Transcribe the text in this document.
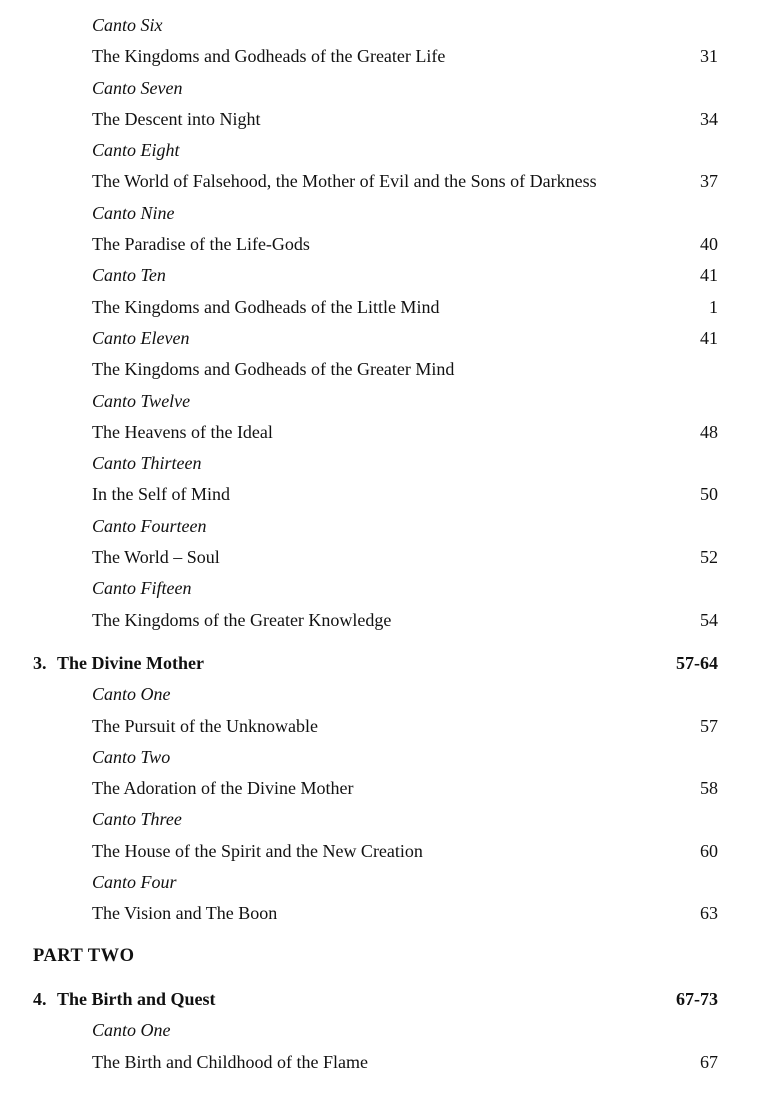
Canto Six
The Kingdoms and Godheads of the Greater Life	31
Canto Seven
The Descent into Night	34
Canto Eight
The World of Falsehood, the Mother of Evil and the Sons of Darkness	37
Canto Nine
The Paradise of the Life-Gods	40
Canto Ten	41
The Kingdoms and Godheads of the Little Mind	1
Canto Eleven	41
The Kingdoms and Godheads of the Greater Mind
Canto Twelve
The Heavens of the Ideal	48
Canto Thirteen
In the Self of Mind	50
Canto Fourteen
The World – Soul	52
Canto Fifteen
The Kingdoms of the Greater Knowledge	54
3. The Divine Mother	57-64
Canto One
The Pursuit of the Unknowable	57
Canto Two
The Adoration of the Divine Mother	58
Canto Three
The House of the Spirit and the New Creation	60
Canto Four
The Vision and The Boon	63
PART TWO
4. The Birth and Quest	67-73
Canto One
The Birth and Childhood of the Flame	67
